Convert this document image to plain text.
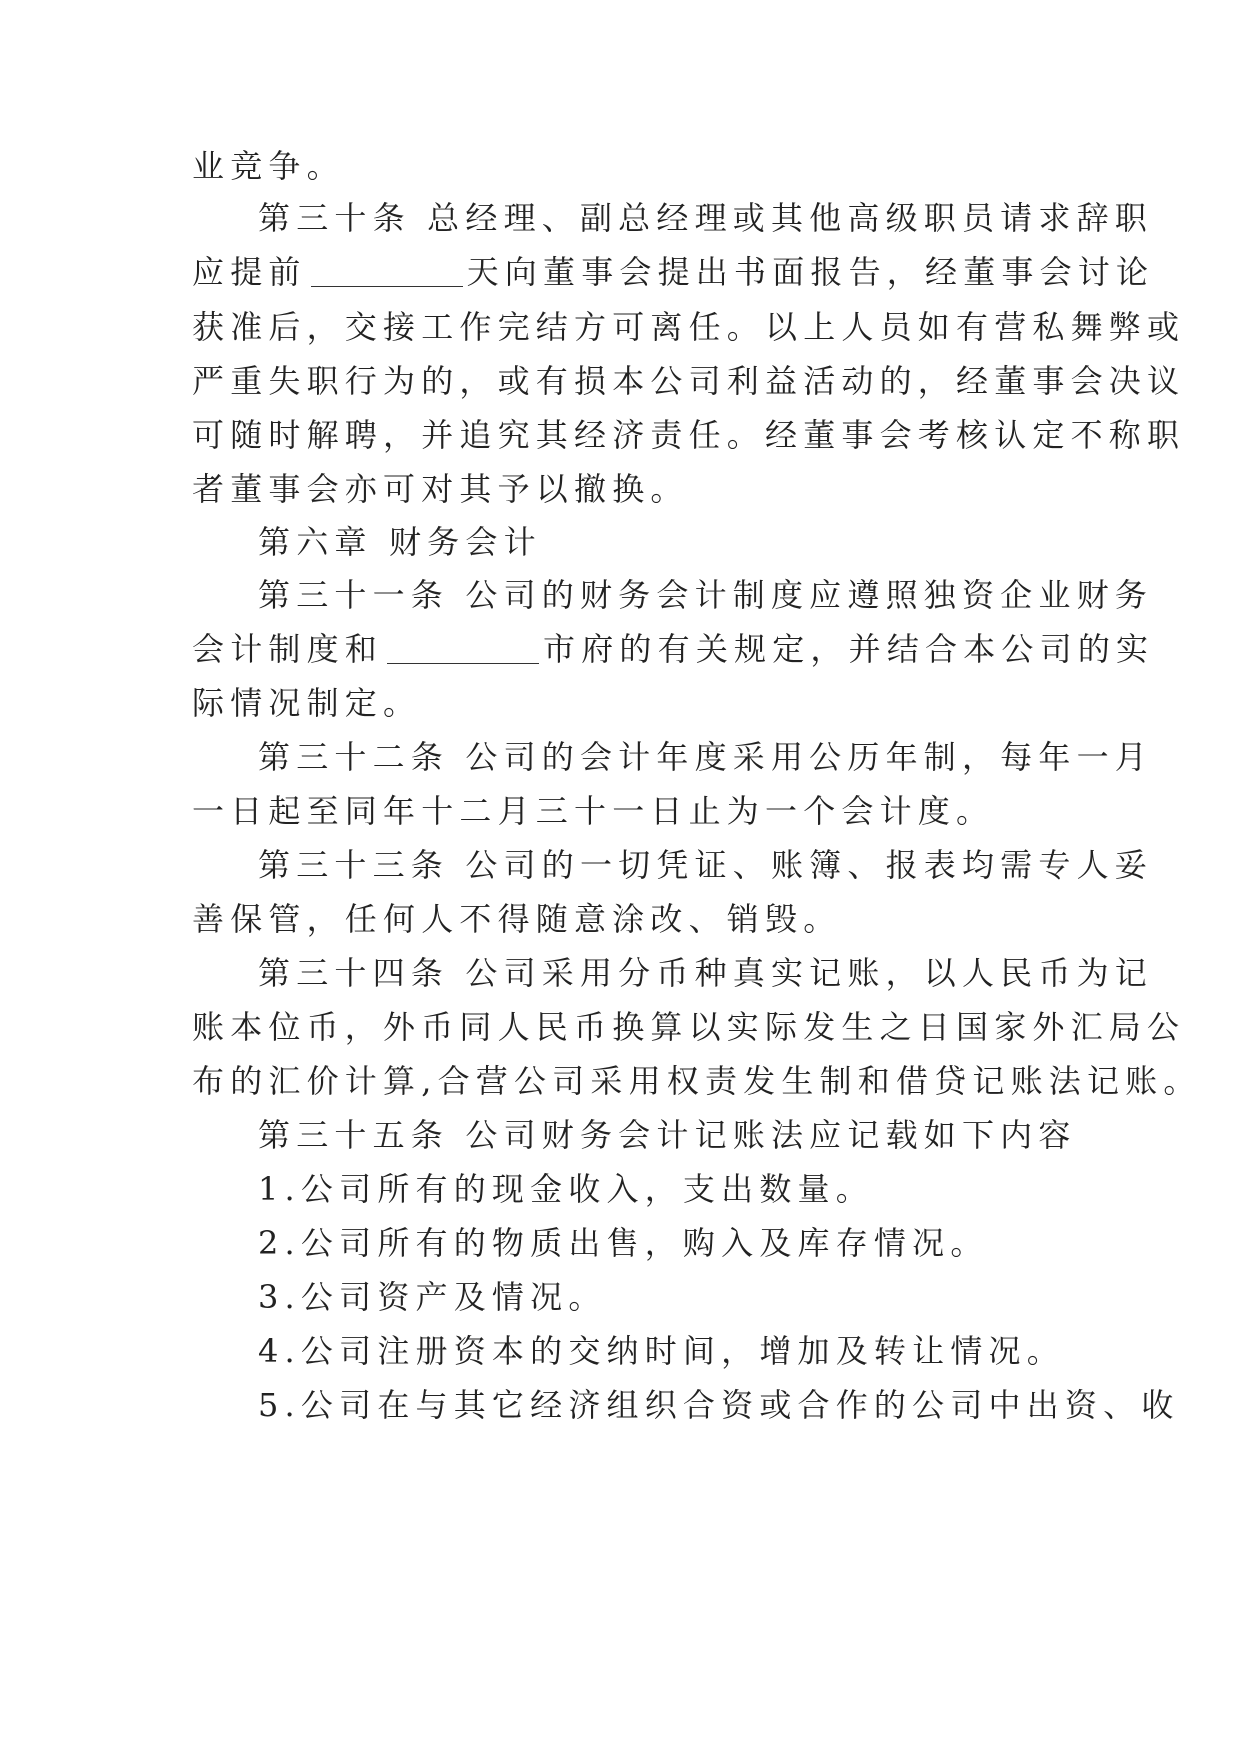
业竞争。
第三十条 总经理、副总经理或其他高级职员请求辞职
应提前	天向董事会提出书面报告，经董事会讨论
获准后，交接工作完结方可离任。以上人员如有营私舞弊或
严重失职行为的，或有损本公司利益活动的，经董事会决议
可随时解聘，并追究其经济责任。经董事会考核认定不称职
者董事会亦可对其予以撤换。
第六章 财务会计
第三十一条 公司的财务会计制度应遵照独资企业财务
会计制度和	市府的有关规定，并结合本公司的实
际情况制定。
第三十二条 公司的会计年度采用公历年制，每年一月
一日起至同年十二月三十一日止为一个会计度。
第三十三条 公司的一切凭证、账簿、报表均需专人妥
善保管，任何人不得随意涂改、销毁。
第三十四条 公司采用分币种真实记账，以人民币为记
账本位币，外币同人民币换算以实际发生之日国家外汇局公
布的汇价计算,合营公司采用权责发生制和借贷记账法记账。
第三十五条 公司财务会计记账法应记载如下内容
1.公司所有的现金收入，支出数量。
2.公司所有的物质出售，购入及库存情况。
3.公司资产及情况。
4.公司注册资本的交纳时间，增加及转让情况。
5.公司在与其它经济组织合资或合作的公司中出资、收
